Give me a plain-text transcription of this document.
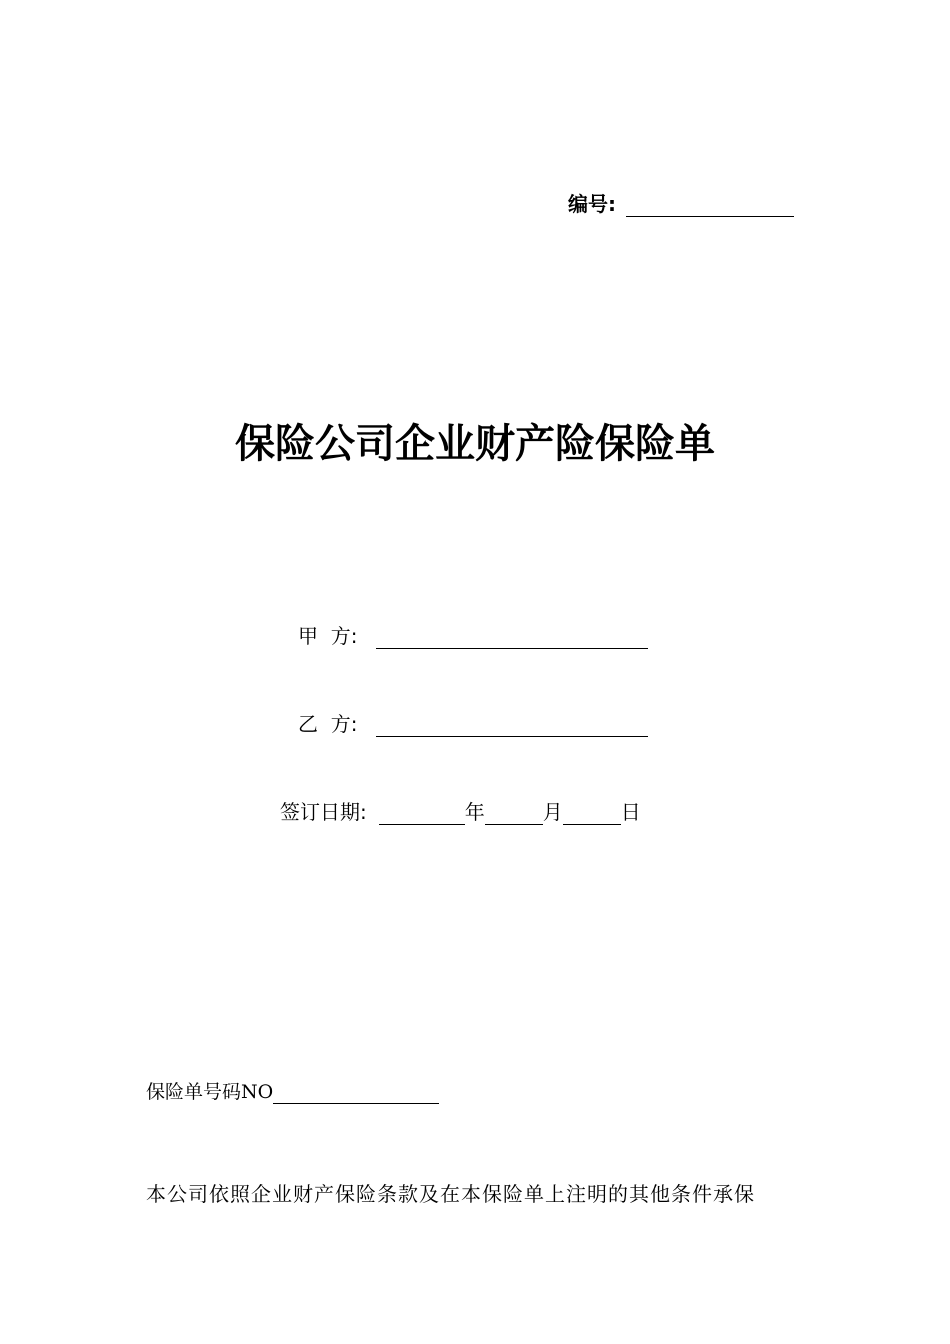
编号:
保险公司企业财产险保险单
甲  方:
乙  方:
签订日期:	年	月	日
保险单号码NO
本公司依照企业财产保险条款及在本保险单上注明的其他条件承保
